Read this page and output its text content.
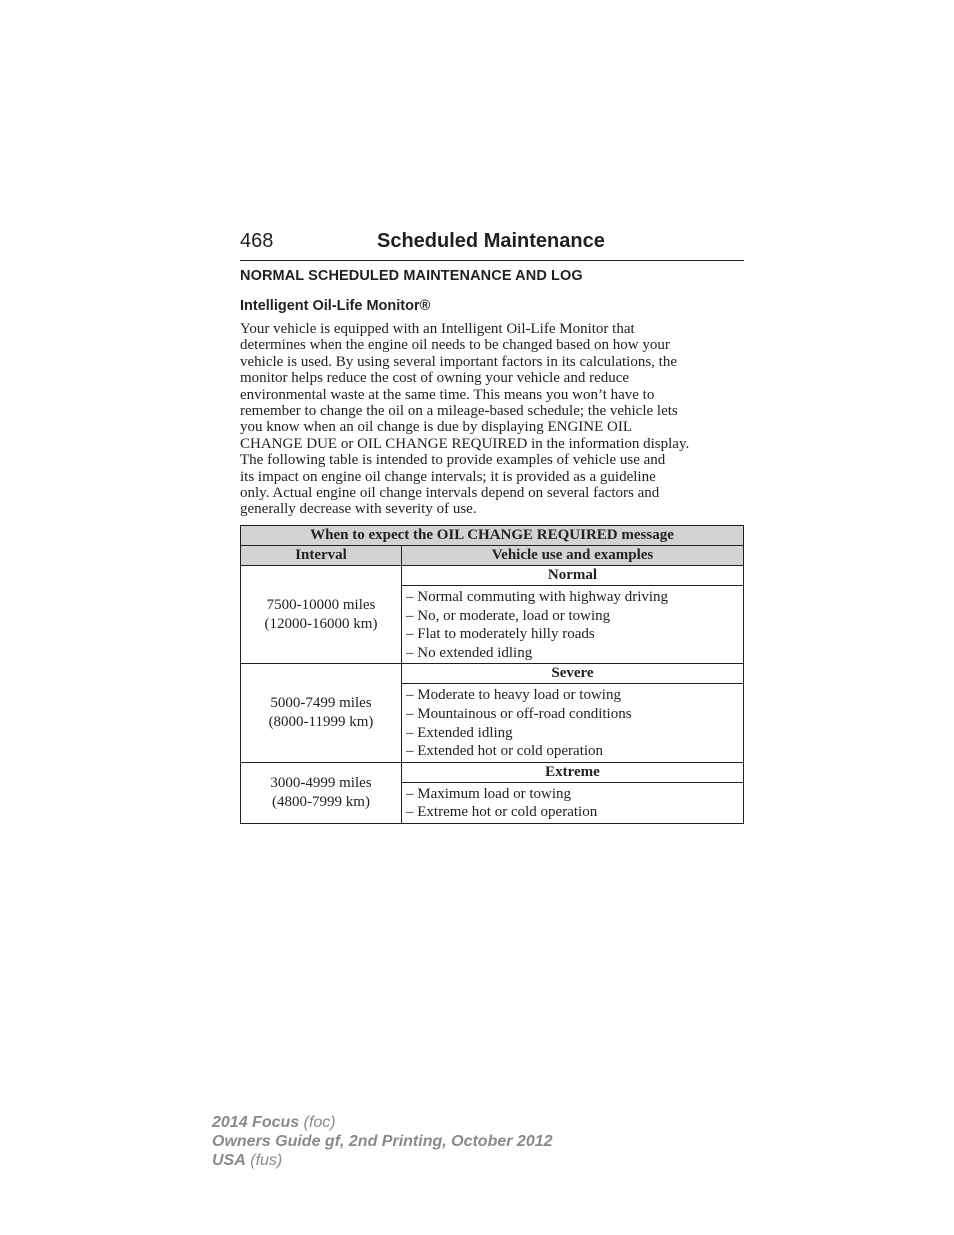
468	Scheduled Maintenance
NORMAL SCHEDULED MAINTENANCE AND LOG
Intelligent Oil-Life Monitor®

Your vehicle is equipped with an Intelligent Oil-Life Monitor that
determines when the engine oil needs to be changed based on how your
vehicle is used. By using several important factors in its calculations, the
monitor helps reduce the cost of owning your vehicle and reduce
environmental waste at the same time. This means you won’t have to
remember to change the oil on a mileage-based schedule; the vehicle lets
you know when an oil change is due by displaying ENGINE OIL
CHANGE DUE or OIL CHANGE REQUIRED in the information display.
The following table is intended to provide examples of vehicle use and
its impact on engine oil change intervals; it is provided as a guideline
only. Actual engine oil change intervals depend on several factors and
generally decrease with severity of use.

When to expect the OIL CHANGE REQUIRED message	
Interval	Vehicle use and examples

7500-10000 miles
(12000-16000 km)	Normal

	– Normal commuting with highway driving
– No, or moderate, load or towing
– Flat to moderately hilly roads
– No extended idling

5000-7499 miles
(8000-11999 km)	Severe

	– Moderate to heavy load or towing
– Mountainous or off-road conditions
– Extended idling
– Extended hot or cold operation

3000-4999 miles
(4800-7999 km)	Extreme

	– Maximum load or towing
– Extreme hot or cold operation
2014 Focus (foc)
Owners Guide gf, 2nd Printing, October 2012
USA (fus)
